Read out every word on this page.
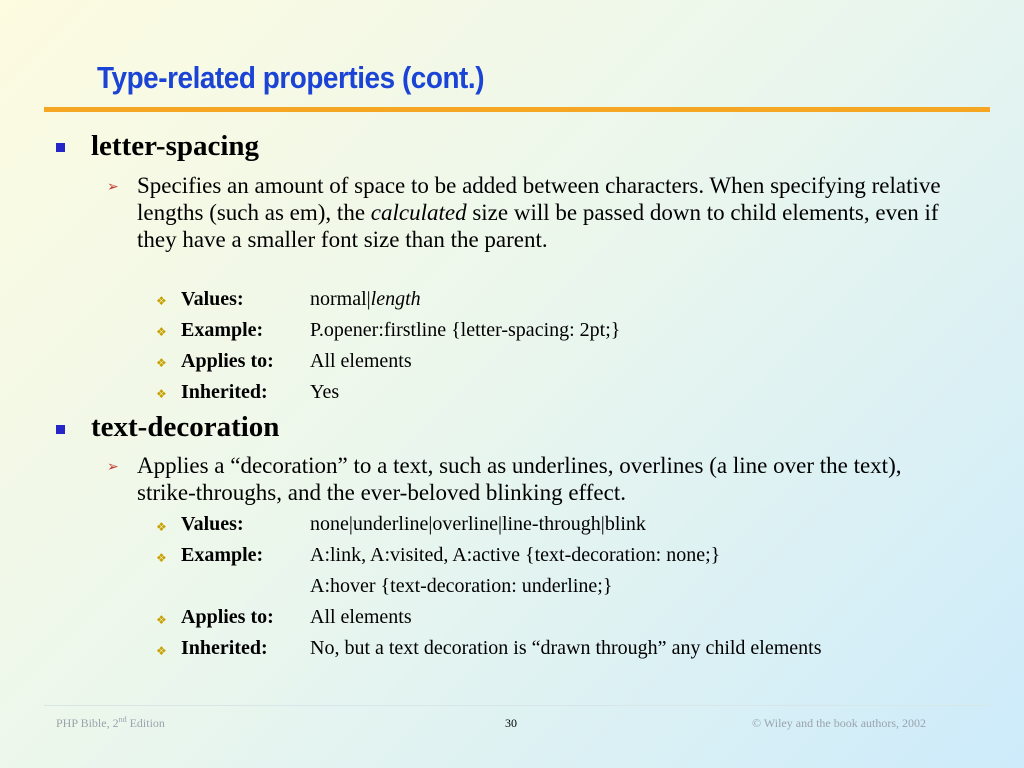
Type-related properties (cont.)
letter-spacing
➢ Specifies an amount of space to be added between characters. When specifying relative lengths (such as em), the calculated size will be passed down to child elements, even if they have a smaller font size than the parent.
❖ Values:	normal|length
❖ Example: P.opener:firstline {letter-spacing: 2pt;}
❖ Applies to: All elements
❖ Inherited: Yes
text-decoration
➢ Applies a “decoration” to a text, such as underlines, overlines (a line over the text), strike-throughs, and the ever-beloved blinking effect.
❖ Values:	none|underline|overline|line-through|blink
❖ Example: A:link, A:visited, A:active {text-decoration: none;}
A:hover {text-decoration: underline;}
❖ Applies to: All elements
❖ Inherited: No, but a text decoration is “drawn through” any child elements
PHP Bible, 2nd Edition	30	© Wiley and the book authors, 2002
